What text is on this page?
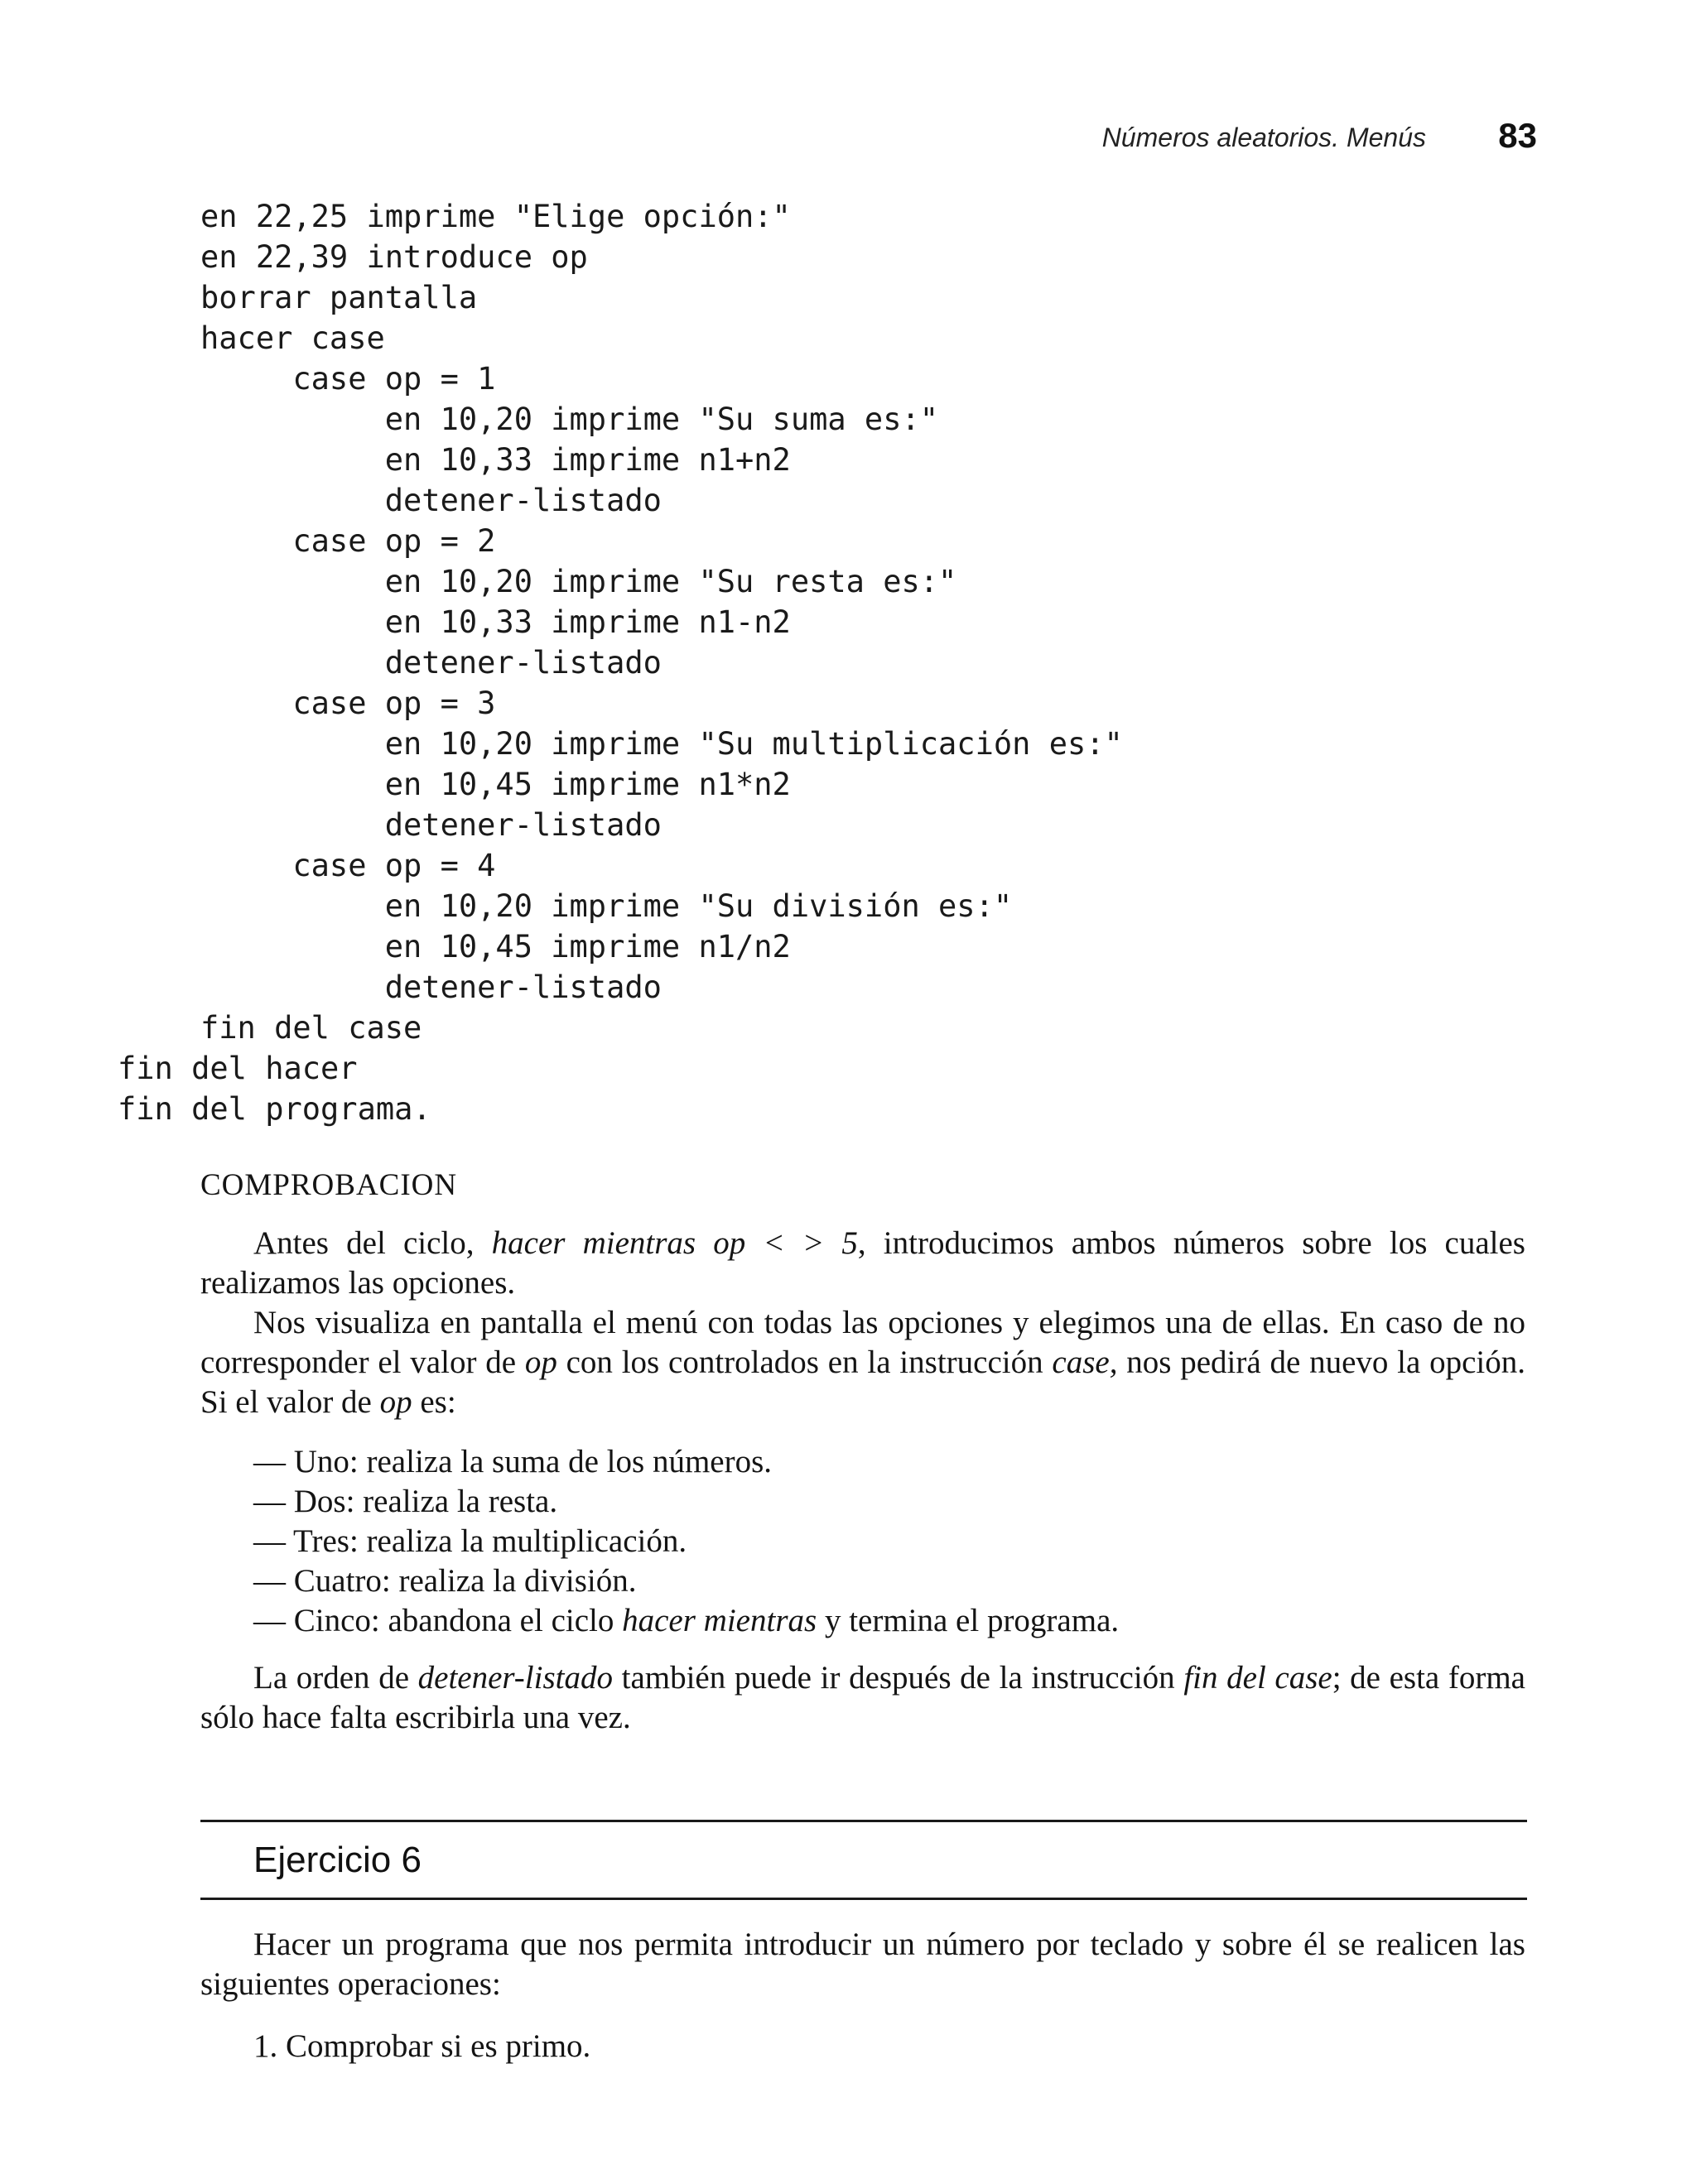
Números aleatorios. Menús 83
en 22,25 imprime "Elige opción:"
en 22,39 introduce op
borrar pantalla
hacer case
case op = 1
en 10,20 imprime "Su suma es:"
en 10,33 imprime n1+n2
detener-listado
case op = 2
en 10,20 imprime "Su resta es:"
en 10,33 imprime n1-n2
detener-listado
case op = 3
en 10,20 imprime "Su multiplicación es:"
en 10,45 imprime n1*n2
detener-listado
case op = 4
en 10,20 imprime "Su división es:"
en 10,45 imprime n1/n2
detener-listado
fin del case
fin del hacer
fin del programa.
COMPROBACION

Antes del ciclo, hacer mientras op < > 5, introducimos ambos números sobre los cuales realizamos las opciones.

Nos visualiza en pantalla el menú con todas las opciones y elegimos una de ellas. En caso de no corresponder el valor de op con los controlados en la instrucción case, nos pedirá de nuevo la opción. Si el valor de op es:

— Uno: realiza la suma de los números.

— Dos: realiza la resta.

— Tres: realiza la multiplicación.

— Cuatro: realiza la división.

— Cinco: abandona el ciclo hacer mientras y termina el programa.

La orden de detener-listado también puede ir después de la instrucción fin del case; de esta forma sólo hace falta escribirla una vez.

Ejercicio 6

Hacer un programa que nos permita introducir un número por teclado y sobre él se realicen las siguientes operaciones:

1. Comprobar si es primo.
